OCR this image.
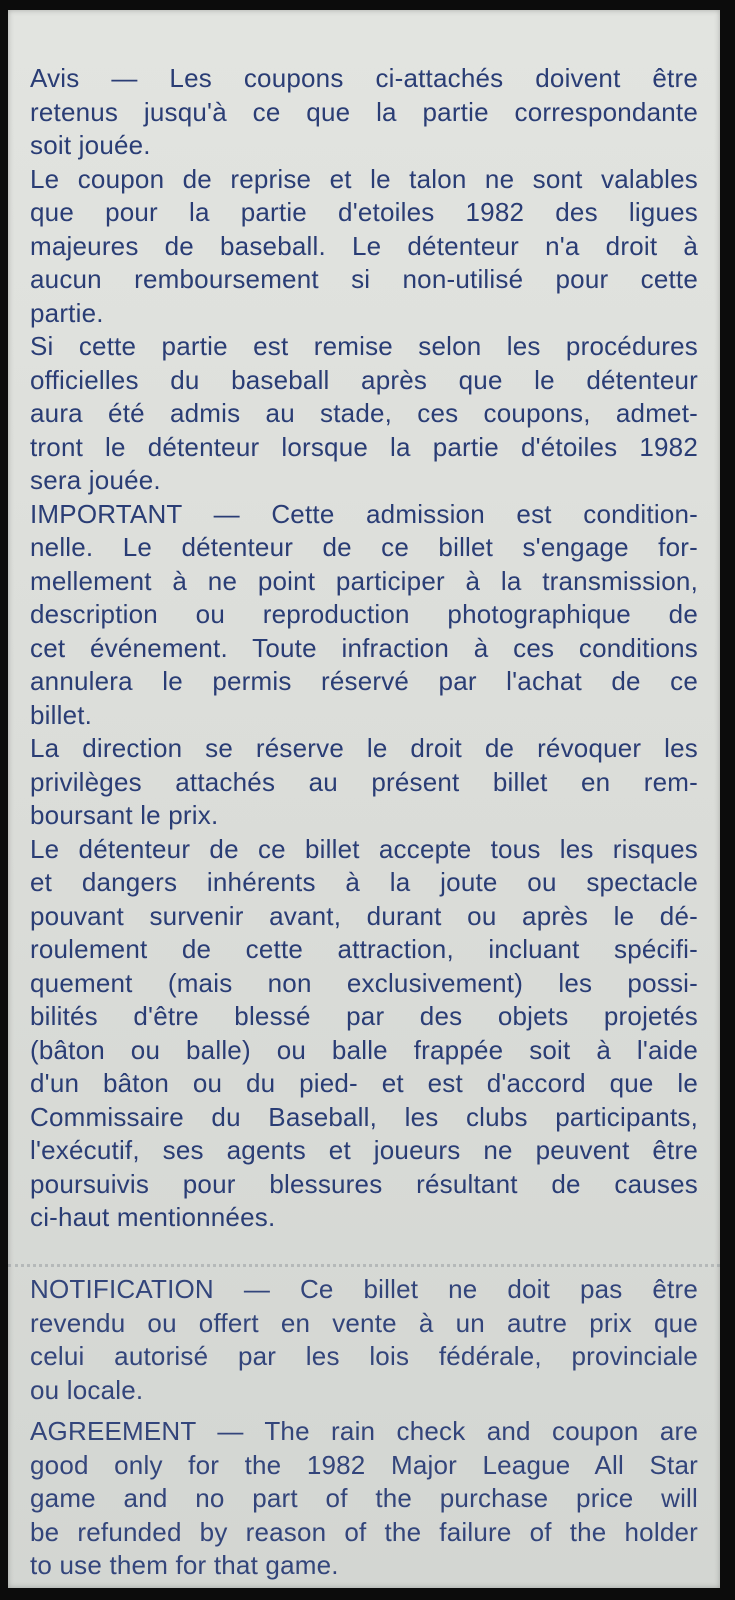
Avis — Les coupons ci-attachés doivent être

retenus jusqu'à ce que la partie correspondante

soit jouée.

Le coupon de reprise et le talon ne sont valables

que pour la partie d'etoiles 1982 des ligues

majeures de baseball. Le détenteur n'a droit à

aucun remboursement si non-utilisé pour cette

partie.

Si cette partie est remise selon les procédures

officielles du baseball après que le détenteur

aura été admis au stade, ces coupons, admet-

tront le détenteur lorsque la partie d'étoiles 1982

sera jouée.

IMPORTANT — Cette admission est condition-

nelle. Le détenteur de ce billet s'engage for-

mellement à ne point participer à la transmission,

description ou reproduction photographique de

cet événement. Toute infraction à ces conditions

annulera le permis réservé par l'achat de ce

billet.

La direction se réserve le droit de révoquer les

privilèges attachés au présent billet en rem-

boursant le prix.

Le détenteur de ce billet accepte tous les risques

et dangers inhérents à la joute ou spectacle

pouvant survenir avant, durant ou après le dé-

roulement de cette attraction, incluant spécifi-

quement (mais non exclusivement) les possi-

bilités d'être blessé par des objets projetés

(bâton ou balle) ou balle frappée soit à l'aide

d'un bâton ou du pied- et est d'accord que le

Commissaire du Baseball, les clubs participants,

l'exécutif, ses agents et joueurs ne peuvent être

poursuivis pour blessures résultant de causes

ci-haut mentionnées.

NOTIFICATION — Ce billet ne doit pas être

revendu ou offert en vente à un autre prix que

celui autorisé par les lois fédérale, provinciale

ou locale.

AGREEMENT — The rain check and coupon are

good only for the 1982 Major League All Star

game and no part of the purchase price will

be refunded by reason of the failure of the holder

to use them for that game.
